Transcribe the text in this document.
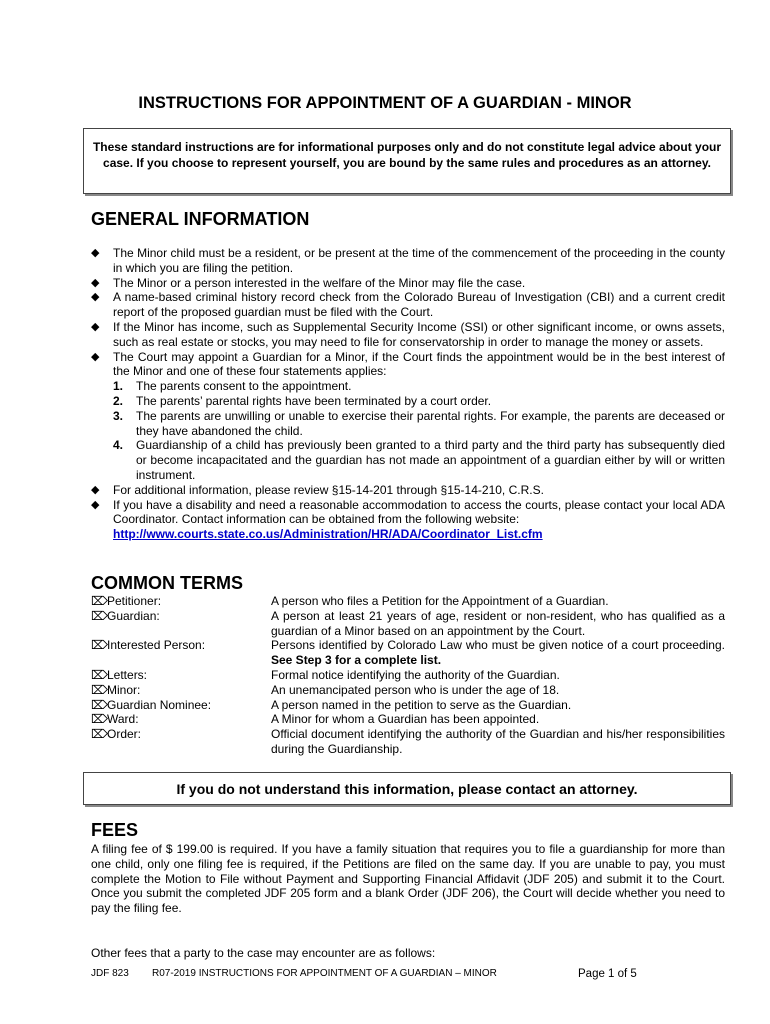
INSTRUCTIONS FOR APPOINTMENT OF A GUARDIAN - MINOR
These standard instructions are for informational purposes only and do not constitute legal advice about your case. If you choose to represent yourself, you are bound by the same rules and procedures as an attorney.
GENERAL INFORMATION
◆ The Minor child must be a resident, or be present at the time of the commencement of the proceeding in the county in which you are filing the petition.
◆ The Minor or a person interested in the welfare of the Minor may file the case.
◆ A name-based criminal history record check from the Colorado Bureau of Investigation (CBI) and a current credit report of the proposed guardian must be filed with the Court.
◆ If the Minor has income, such as Supplemental Security Income (SSI) or other significant income, or owns assets, such as real estate or stocks, you may need to file for conservatorship in order to manage the money or assets.
◆ The Court may appoint a Guardian for a Minor, if the Court finds the appointment would be in the best interest of the Minor and one of these four statements applies:
1. The parents consent to the appointment.
2. The parents’ parental rights have been terminated by a court order.
3. The parents are unwilling or unable to exercise their parental rights. For example, the parents are deceased or they have abandoned the child.
4. Guardianship of a child has previously been granted to a third party and the third party has subsequently died or become incapacitated and the guardian has not made an appointment of a guardian either by will or written instrument.
◆ For additional information, please review §15-14-201 through §15-14-210, C.R.S.
◆ If you have a disability and need a reasonable accommodation to access the courts, please contact your local ADA Coordinator. Contact information can be obtained from the following website:
http://www.courts.state.co.us/Administration/HR/ADA/Coordinator_List.cfm
COMMON TERMS
⌦Petitioner:	A person who files a Petition for the Appointment of a Guardian.
⌦Guardian:	A person at least 21 years of age, resident or non-resident, who has qualified as a guardian of a Minor based on an appointment by the Court.
⌦Interested Person:	Persons identified by Colorado Law who must be given notice of a court proceeding. See Step 3 for a complete list.
⌦Letters:	Formal notice identifying the authority of the Guardian.
⌦Minor:	An unemancipated person who is under the age of 18.
⌦Guardian Nominee:	A person named in the petition to serve as the Guardian.
⌦Ward:	A Minor for whom a Guardian has been appointed.
⌦Order:	Official document identifying the authority of the Guardian and his/her responsibilities during the Guardianship.
If you do not understand this information, please contact an attorney.
FEES

A filing fee of $ 199.00 is required. If you have a family situation that requires you to file a guardianship for more than one child, only one filing fee is required, if the Petitions are filed on the same day. If you are unable to pay, you must complete the Motion to File without Payment and Supporting Financial Affidavit (JDF 205) and submit it to the Court. Once you submit the completed JDF 205 form and a blank Order (JDF 206), the Court will decide whether you need to pay the filing fee.

Other fees that a party to the case may encounter are as follows:

JDF 823 R07-2019 INSTRUCTIONS FOR APPOINTMENT OF A GUARDIAN – MINOR	Page 1 of 5
